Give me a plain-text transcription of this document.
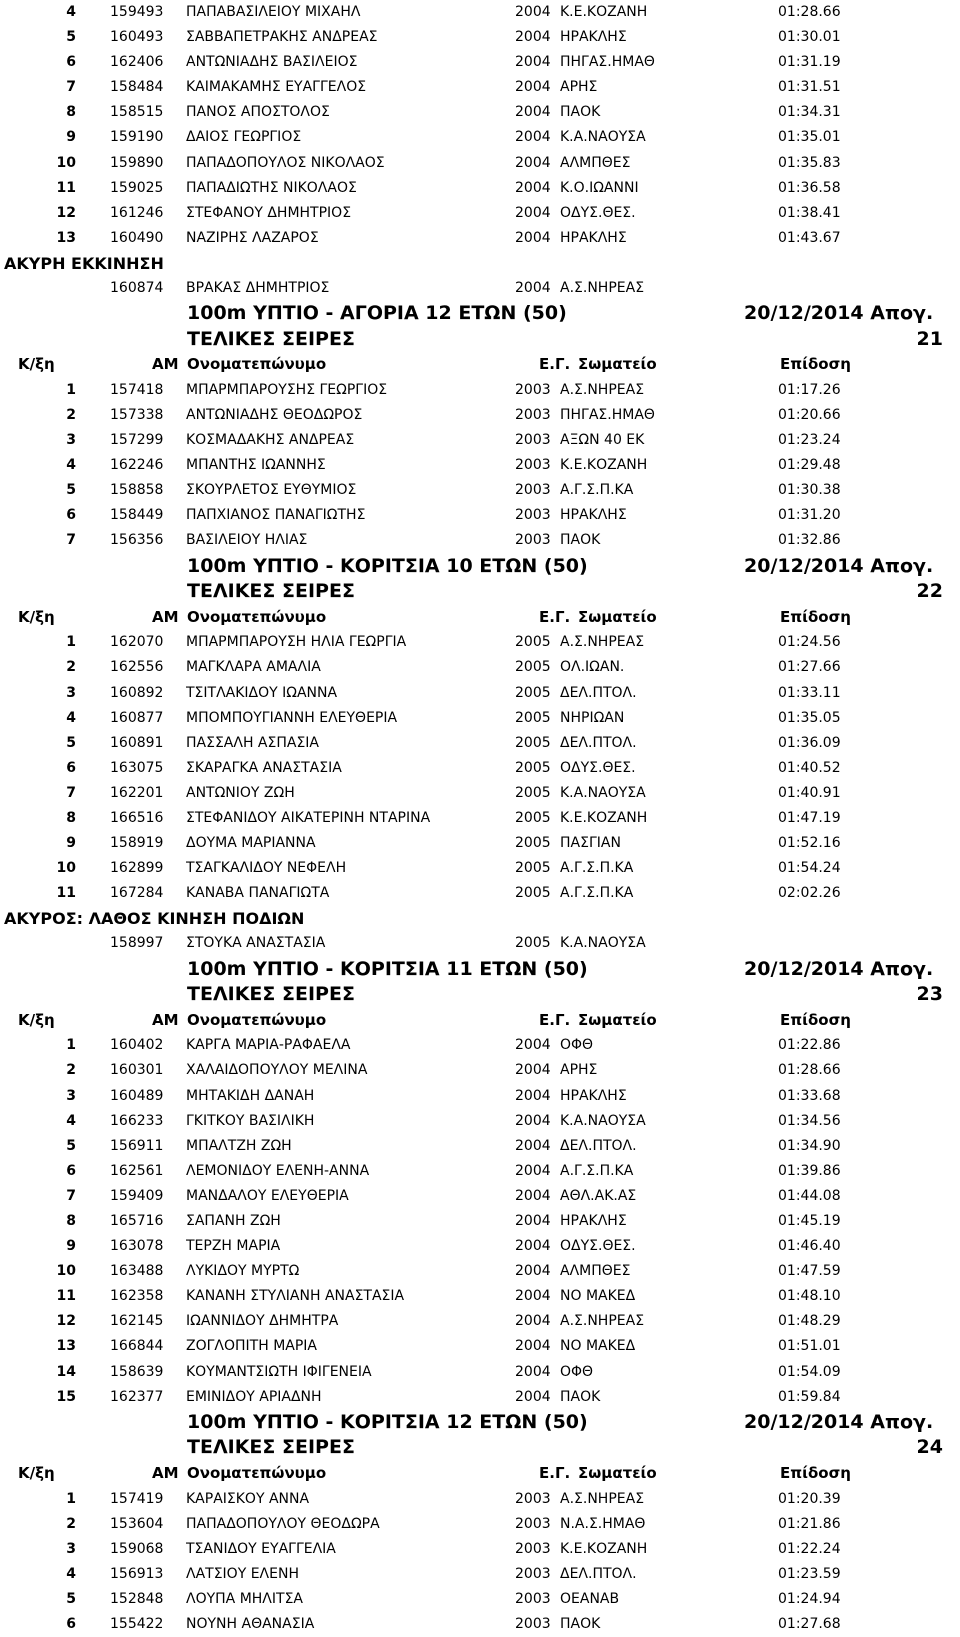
4 159493 ΠΑΠΑΒΑΣΙΛΕΙΟΥ ΜΙΧΑΗΛ	2004 Κ.Ε.ΚΟΖΑΝΗ	01:28.66
5 160493 ΣΑΒΒΑΠΕΤΡΑΚΗΣ ΑΝΔΡΕΑΣ	2004 ΗΡΑΚΛΗΣ	01:30.01
6 162406 ΑΝΤΩΝΙΑΔΗΣ ΒΑΣΙΛΕΙΟΣ	2004 ΠΗΓΑΣ.ΗΜΑΘ	01:31.19
7 158484 ΚΑΙΜΑΚΑΜΗΣ ΕΥΑΓΓΕΛΟΣ	2004 ΑΡΗΣ	01:31.51
8 158515 ΠΑΝΟΣ ΑΠΟΣΤΟΛΟΣ	2004 ΠΑΟΚ	01:34.31
9 159190 ΔΑΙΟΣ ΓΕΩΡΓΙΟΣ	2004 Κ.Α.ΝΑΟΥΣΑ	01:35.01
10 159890 ΠΑΠΑΔΟΠΟΥΛΟΣ ΝΙΚΟΛΑΟΣ	2004 ΑΛΜΠΘΕΣ	01:35.83
11 159025 ΠΑΠΑΔΙΩΤΗΣ ΝΙΚΟΛΑΟΣ	2004 Κ.Ο.ΙΩΑΝΝΙ	01:36.58
12 161246 ΣΤΕΦΑΝΟΥ ΔΗΜΗΤΡΙΟΣ	2004 ΟΔΥΣ.ΘΕΣ.	01:38.41
13 160490 ΝΑΖΙΡΗΣ ΛΑΖΑΡΟΣ	2004 ΗΡΑΚΛΗΣ	01:43.67
ΑΚΥΡΗ ΕΚΚΙΝΗΣΗ
160874 ΒΡΑΚΑΣ ΔΗΜΗΤΡΙΟΣ	2004 Α.Σ.ΝΗΡΕΑΣ
100m ΥΠΤΙΟ - ΑΓΟΡΙΑ 12 ΕΤΩΝ (50)	20/12/2014 Απογ.
ΤΕΛΙΚΕΣ ΣΕΙΡΕΣ	21
Κ/ξη	ΑΜ Ονοματεπώνυμο	Ε.Γ. Σωματείο	Επίδοση
1 157418 ΜΠΑΡΜΠΑΡΟΥΣΗΣ ΓΕΩΡΓΙΟΣ	2003 Α.Σ.ΝΗΡΕΑΣ	01:17.26
2 157338 ΑΝΤΩΝΙΑΔΗΣ ΘΕΟΔΩΡΟΣ	2003 ΠΗΓΑΣ.ΗΜΑΘ	01:20.66
3 157299 ΚΟΣΜΑΔΑΚΗΣ ΑΝΔΡΕΑΣ	2003 ΑΞΩΝ 40 ΕΚ	01:23.24
4 162246 ΜΠΑΝΤΗΣ ΙΩΑΝΝΗΣ	2003 Κ.Ε.ΚΟΖΑΝΗ	01:29.48
5 158858 ΣΚΟΥΡΛΕΤΟΣ ΕΥΘΥΜΙΟΣ	2003 Α.Γ.Σ.Π.ΚΑ	01:30.38
6 158449 ΠΑΠΧΙΑΝΟΣ ΠΑΝΑΓΙΩΤΗΣ	2003 ΗΡΑΚΛΗΣ	01:31.20
7 156356 ΒΑΣΙΛΕΙΟΥ ΗΛΙΑΣ	2003 ΠΑΟΚ	01:32.86
100m ΥΠΤΙΟ - ΚΟΡΙΤΣΙΑ 10 ΕΤΩΝ (50)	20/12/2014 Απογ.
ΤΕΛΙΚΕΣ ΣΕΙΡΕΣ	22
Κ/ξη	ΑΜ Ονοματεπώνυμο	Ε.Γ. Σωματείο	Επίδοση
1 162070 ΜΠΑΡΜΠΑΡΟΥΣΗ ΗΛΙΑ ΓΕΩΡΓΙΑ	2005 Α.Σ.ΝΗΡΕΑΣ	01:24.56
2 162556 ΜΑΓΚΛΑΡΑ ΑΜΑΛΙΑ	2005 ΟΛ.ΙΩΑΝ.	01:27.66
3 160892 ΤΣΙΤΛΑΚΙΔΟΥ ΙΩΑΝΝΑ	2005 ΔΕΛ.ΠΤΟΛ.	01:33.11
4 160877 ΜΠΟΜΠΟΥΓΙΑΝΝΗ ΕΛΕΥΘΕΡΙΑ	2005 ΝΗΡΙΩΑΝ	01:35.05
5 160891 ΠΑΣΣΑΛΗ ΑΣΠΑΣΙΑ	2005 ΔΕΛ.ΠΤΟΛ.	01:36.09
6 163075 ΣΚΑΡΑΓΚΑ ΑΝΑΣΤΑΣΙΑ	2005 ΟΔΥΣ.ΘΕΣ.	01:40.52
7 162201 ΑΝΤΩΝΙΟΥ ΖΩΗ	2005 Κ.Α.ΝΑΟΥΣΑ	01:40.91
8 166516 ΣΤΕΦΑΝΙΔΟΥ ΑΙΚΑΤΕΡΙΝΗ ΝΤΑΡΙΝΑ	2005 Κ.Ε.ΚΟΖΑΝΗ	01:47.19
9 158919 ΔΟΥΜΑ ΜΑΡΙΑΝΝΑ	2005 ΠΑΣΓΙΑΝ	01:52.16
10 162899 ΤΣΑΓΚΑΛΙΔΟΥ ΝΕΦΕΛΗ	2005 Α.Γ.Σ.Π.ΚΑ	01:54.24
11 167284 ΚΑΝΑΒΑ ΠΑΝΑΓΙΩΤΑ	2005 Α.Γ.Σ.Π.ΚΑ	02:02.26
ΑΚΥΡΟΣ: ΛΑΘΟΣ ΚΙΝΗΣΗ ΠΟΔΙΩΝ
158997 ΣΤΟΥΚΑ ΑΝΑΣΤΑΣΙΑ	2005 Κ.Α.ΝΑΟΥΣΑ
100m ΥΠΤΙΟ - ΚΟΡΙΤΣΙΑ 11 ΕΤΩΝ (50)	20/12/2014 Απογ.
ΤΕΛΙΚΕΣ ΣΕΙΡΕΣ	23
Κ/ξη	ΑΜ Ονοματεπώνυμο	Ε.Γ. Σωματείο	Επίδοση
1 160402 ΚΑΡΓΑ ΜΑΡΙΑ-ΡΑΦΑΕΛΑ	2004 ΟΦΘ	01:22.86
2 160301 ΧΑΛΑΙΔΟΠΟΥΛΟΥ ΜΕΛΙΝΑ	2004 ΑΡΗΣ	01:28.66
3 160489 ΜΗΤΑΚΙΔΗ ΔΑΝΑΗ	2004 ΗΡΑΚΛΗΣ	01:33.68
4 166233 ΓΚΙΤΚΟΥ ΒΑΣΙΛΙΚΗ	2004 Κ.Α.ΝΑΟΥΣΑ	01:34.56
5 156911 ΜΠΑΛΤΖΗ ΖΩΗ	2004 ΔΕΛ.ΠΤΟΛ.	01:34.90
6 162561 ΛΕΜΟΝΙΔΟΥ ΕΛΕΝΗ-ΑΝΝΑ	2004 Α.Γ.Σ.Π.ΚΑ	01:39.86
7 159409 ΜΑΝΔΑΛΟΥ ΕΛΕΥΘΕΡΙΑ	2004 ΑΘΛ.ΑΚ.ΑΣ	01:44.08
8 165716 ΣΑΠΑΝΗ ΖΩΗ	2004 ΗΡΑΚΛΗΣ	01:45.19
9 163078 ΤΕΡΖΗ ΜΑΡΙΑ	2004 ΟΔΥΣ.ΘΕΣ.	01:46.40
10 163488 ΛΥΚΙΔΟΥ ΜΥΡΤΩ	2004 ΑΛΜΠΘΕΣ	01:47.59
11 162358 ΚΑΝΑΝΗ ΣΤΥΛΙΑΝΗ ΑΝΑΣΤΑΣΙΑ	2004 ΝΟ ΜΑΚΕΔ	01:48.10
12 162145 ΙΩΑΝΝΙΔΟΥ ΔΗΜΗΤΡΑ	2004 Α.Σ.ΝΗΡΕΑΣ	01:48.29
13 166844 ΖΟΓΛΟΠΙΤΗ ΜΑΡΙΑ	2004 ΝΟ ΜΑΚΕΔ	01:51.01
14 158639 ΚΟΥΜΑΝΤΣΙΩΤΗ ΙΦΙΓΕΝΕΙΑ	2004 ΟΦΘ	01:54.09
15 162377 ΕΜΙΝΙΔΟΥ ΑΡΙΑΔΝΗ	2004 ΠΑΟΚ	01:59.84
100m ΥΠΤΙΟ - ΚΟΡΙΤΣΙΑ 12 ΕΤΩΝ (50)	20/12/2014 Απογ.
ΤΕΛΙΚΕΣ ΣΕΙΡΕΣ	24
Κ/ξη	ΑΜ Ονοματεπώνυμο	Ε.Γ. Σωματείο	Επίδοση
1 157419 ΚΑΡΑΙΣΚΟΥ ΑΝΝΑ	2003 Α.Σ.ΝΗΡΕΑΣ	01:20.39
2 153604 ΠΑΠΑΔΟΠΟΥΛΟΥ ΘΕΟΔΩΡΑ	2003 Ν.Α.Σ.ΗΜΑΘ	01:21.86
3 159068 ΤΣΑΝΙΔΟΥ ΕΥΑΓΓΕΛΙΑ	2003 Κ.Ε.ΚΟΖΑΝΗ	01:22.24
4 156913 ΛΑΤΣΙΟΥ ΕΛΕΝΗ	2003 ΔΕΛ.ΠΤΟΛ.	01:23.59
5 152848 ΛΟΥΠΑ ΜΗΛΙΤΣΑ	2003 ΟΕΑΝΑΒ	01:24.94
6 155422 ΝΟΥΝΗ ΑΘΑΝΑΣΙΑ	2003 ΠΑΟΚ	01:27.68
